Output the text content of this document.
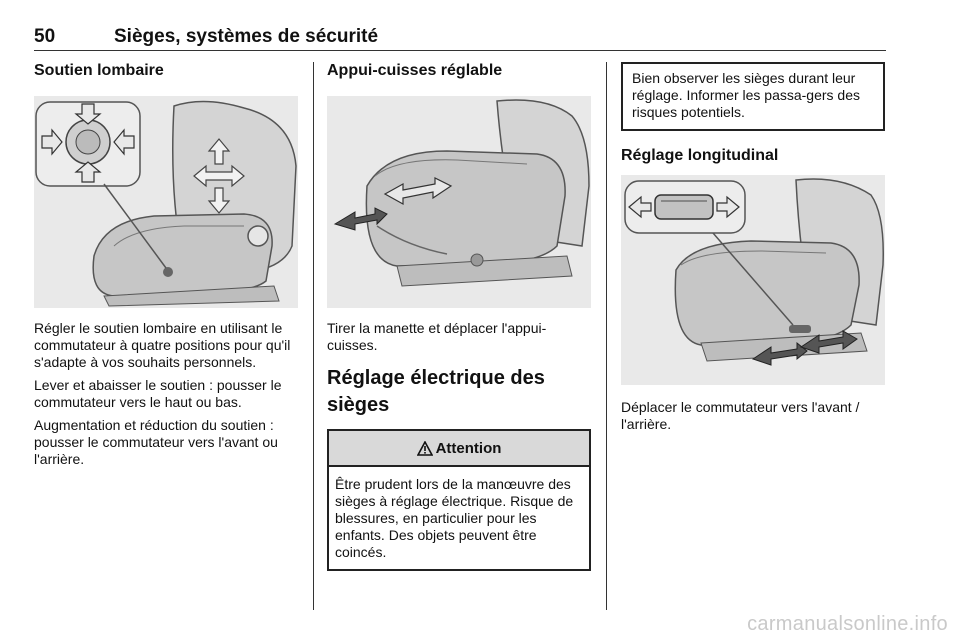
50	Sièges, systèmes de sécurité
Soutien lombaire

Régler le soutien lombaire en utilisant le commutateur à quatre positions pour qu'il s'adapte à vos souhaits personnels.

Lever et abaisser le soutien : pousser le commutateur vers le haut ou bas.

Augmentation et réduction du soutien : pousser le commutateur vers l'avant ou l'arrière.

Appui-cuisses réglable

Tirer la manette et déplacer l'appui-cuisses.

Réglage électrique des sièges
Attention
Être prudent lors de la manœuvre des sièges à réglage électrique. Risque de blessures, en particulier pour les enfants. Des objets peuvent être coincés.
Bien observer les sièges durant leur réglage. Informer les passa-gers des risques potentiels.
Réglage longitudinal

Déplacer le commutateur vers l'avant / l'arrière.

carmanualsonline.info
